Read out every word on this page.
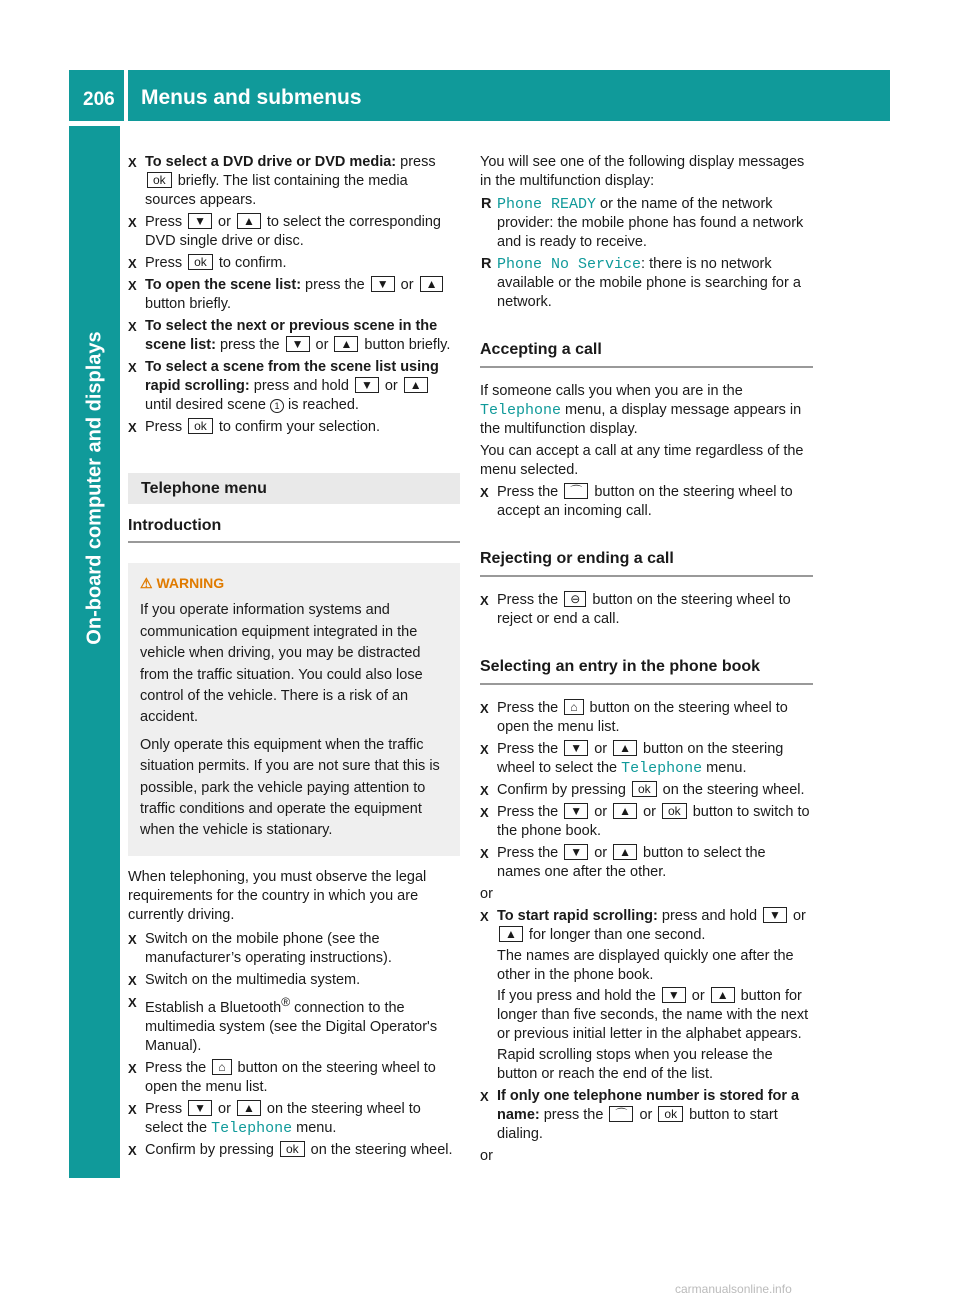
206 Menus and submenus
On-board computer and displays
X To select a DVD drive or DVD media: press ok briefly. The list containing the media sources appears.
X Press ▼ or ▲ to select the corresponding DVD single drive or disc.
X Press ok to confirm.
X To open the scene list: press the ▼ or ▲ button briefly.
X To select the next or previous scene in the scene list: press the ▼ or ▲ button briefly.
X To select a scene from the scene list using rapid scrolling: press and hold ▼ or ▲ until desired scene 1 is reached.
X Press ok to confirm your selection.
Telephone menu
Introduction
⚠ WARNING

If you operate information systems and communication equipment integrated in the vehicle when driving, you may be distracted from the traffic situation. You could also lose control of the vehicle. There is a risk of an accident.

Only operate this equipment when the traffic situation permits. If you are not sure that this is possible, park the vehicle paying attention to traffic conditions and operate the equipment when the vehicle is stationary.

When telephoning, you must observe the legal requirements for the country in which you are currently driving.

X Switch on the mobile phone (see the manufacturer’s operating instructions).
X Switch on the multimedia system.
X Establish a Bluetooth® connection to the multimedia system (see the Digital Operator's Manual).
X Press the ⌂ button on the steering wheel to open the menu list.
X Press ▼ or ▲ on the steering wheel to select the Telephone menu.
X Confirm by pressing ok on the steering wheel.

You will see one of the following display messages in the multifunction display:

R Phone READY or the name of the network provider: the mobile phone has found a network and is ready to receive.
R Phone No Service: there is no network available or the mobile phone is searching for a network.
Accepting a call

If someone calls you when you are in the Telephone menu, a display message appears in the multifunction display.

You can accept a call at any time regardless of the menu selected.

X Press the ⌒ button on the steering wheel to accept an incoming call.
Rejecting or ending a call
X Press the ⊖ button on the steering wheel to reject or end a call.
Selecting an entry in the phone book
X Press the ⌂ button on the steering wheel to open the menu list.
X Press the ▼ or ▲ button on the steering wheel to select the Telephone menu.
X Confirm by pressing ok on the steering wheel.
X Press the ▼ or ▲ or ok button to switch to the phone book.
X Press the ▼ or ▲ button to select the names one after the other.

or

X To start rapid scrolling: press and hold ▼ or ▲ for longer than one second.
The names are displayed quickly one after the other in the phone book.
If you press and hold the ▼ or ▲ button for longer than five seconds, the name with the next or previous initial letter in the alphabet appears.
Rapid scrolling stops when you release the button or reach the end of the list.
X If only one telephone number is stored for a name: press the ⌒ or ok button to start dialing.

or

carmanualsonline.info
